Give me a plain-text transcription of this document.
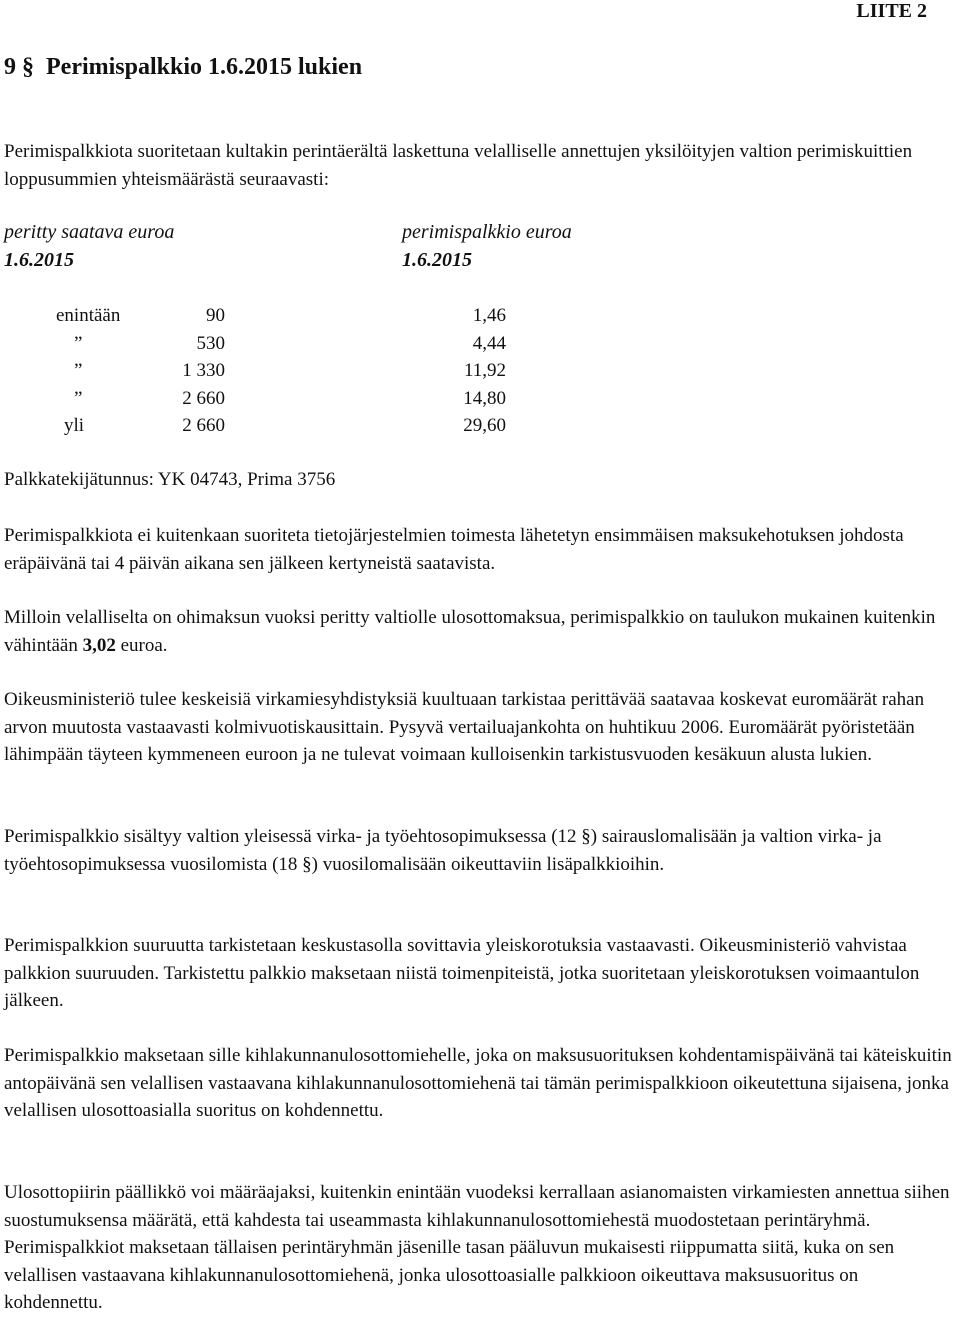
LIITE 2
9 § Perimispalkkio 1.6.2015 lukien

Perimispalkkiota suoritetaan kultakin perintäerältä laskettuna velalliselle annettujen yksilöityjen valtion perimiskuittien loppusummien yhteismäärästä seuraavasti:

peritty saatava euroa	perimispalkkio euroa
1.6.2015	1.6.2015
enintään	90	1,46
”	530	4,44
”	1 330	11,92
”	2 660	14,80
yli	2 660	29,60

Palkkatekijätunnus: YK 04743, Prima 3756

Perimispalkkiota ei kuitenkaan suoriteta tietojärjestelmien toimesta lähetetyn ensimmäisen maksukehotuksen johdosta eräpäivänä tai 4 päivän aikana sen jälkeen kertyneistä saatavista.

Milloin velalliselta on ohimaksun vuoksi peritty valtiolle ulosottomaksua, perimispalkkio on taulukon mukainen kuitenkin vähintään 3,02 euroa.

Oikeusministeriö tulee keskeisiä virkamiesyhdistyksiä kuultuaan tarkistaa perittävää saatavaa koskevat euromäärät rahan arvon muutosta vastaavasti kolmivuotiskausittain. Pysyvä vertailuajankohta on huhtikuu 2006. Euromäärät pyöristetään lähimpään täyteen kymmeneen euroon ja ne tulevat voimaan kulloisenkin tarkistusvuoden kesäkuun alusta lukien.

Perimispalkkio sisältyy valtion yleisessä virka- ja työehtosopimuksessa (12 §) sairauslomalisään ja valtion virka- ja työehtosopimuksessa vuosilomista (18 §) vuosilomalisään oikeuttaviin lisäpalkkioihin.

Perimispalkkion suuruutta tarkistetaan keskustasolla sovittavia yleiskorotuksia vastaavasti. Oikeusministeriö vahvistaa palkkion suuruuden. Tarkistettu palkkio maksetaan niistä toimenpiteistä, jotka suoritetaan yleiskorotuksen voimaantulon jälkeen.

Perimispalkkio maksetaan sille kihlakunnanulosottomiehelle, joka on maksusuorituksen kohdentamispäivänä tai käteiskuitin antopäivänä sen velallisen vastaavana kihlakunnanulosottomiehenä tai tämän perimispalkkioon oikeutettuna sijaisena, jonka velallisen ulosottoasialla suoritus on kohdennettu.

Ulosottopiirin päällikkö voi määräajaksi, kuitenkin enintään vuodeksi kerrallaan asianomaisten virkamiesten annettua siihen suostumuksensa määrätä, että kahdesta tai useammasta kihlakunnanulosottomiehestä muodostetaan perintäryhmä. Perimispalkkiot maksetaan tällaisen perintäryhmän jäsenille tasan pääluvun mukaisesti riippumatta siitä, kuka on sen velallisen vastaavana kihlakunnanulosottomiehenä, jonka ulosottoasialle palkkioon oikeuttava maksusuoritus on kohdennettu.
